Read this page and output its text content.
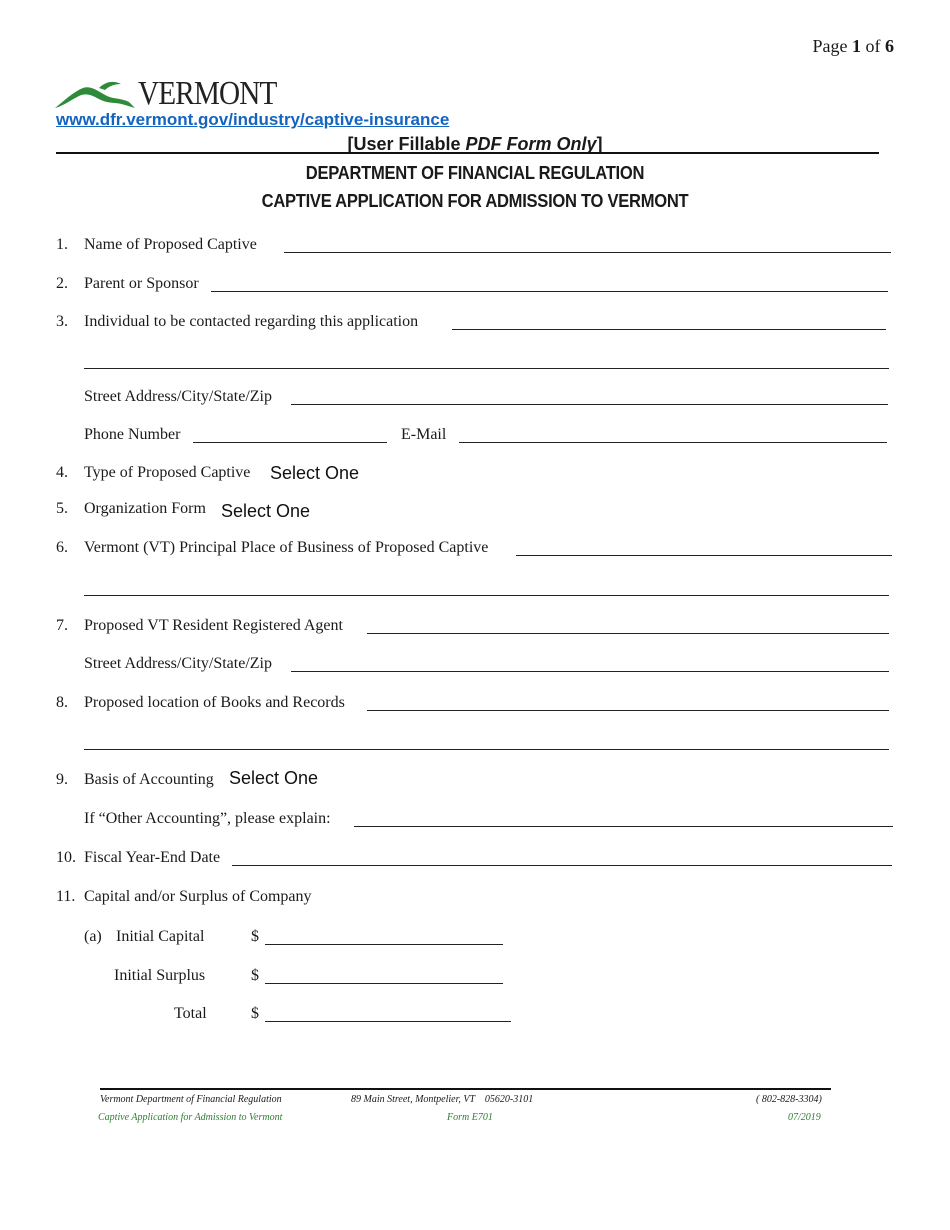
Page 1 of 6
VERMONT
www.dfr.vermont.gov/industry/captive-insurance
[User Fillable PDF Form Only]
DEPARTMENT OF FINANCIAL REGULATION
CAPTIVE APPLICATION FOR ADMISSION TO VERMONT
1. Name of Proposed Captive
2. Parent or Sponsor
3. Individual to be contacted regarding this application
Street Address/City/State/Zip
Phone Number	E-Mail
4. Type of Proposed Captive Select One
5. Organization Form Select One
6. Vermont (VT) Principal Place of Business of Proposed Captive
7. Proposed VT Resident Registered Agent
Street Address/City/State/Zip
8. Proposed location of Books and Records
9. Basis of Accounting Select One
If “Other Accounting”, please explain:
10. Fiscal Year-End Date
11. Capital and/or Surplus of Company
(a) Initial Capital	$
Initial Surplus	$
Total	$
Vermont Department of Financial Regulation	89 Main Street, Montpelier, VT    05620-3101	( 802-828-3304)
Captive Application for Admission to Vermont	Form E701	07/2019
